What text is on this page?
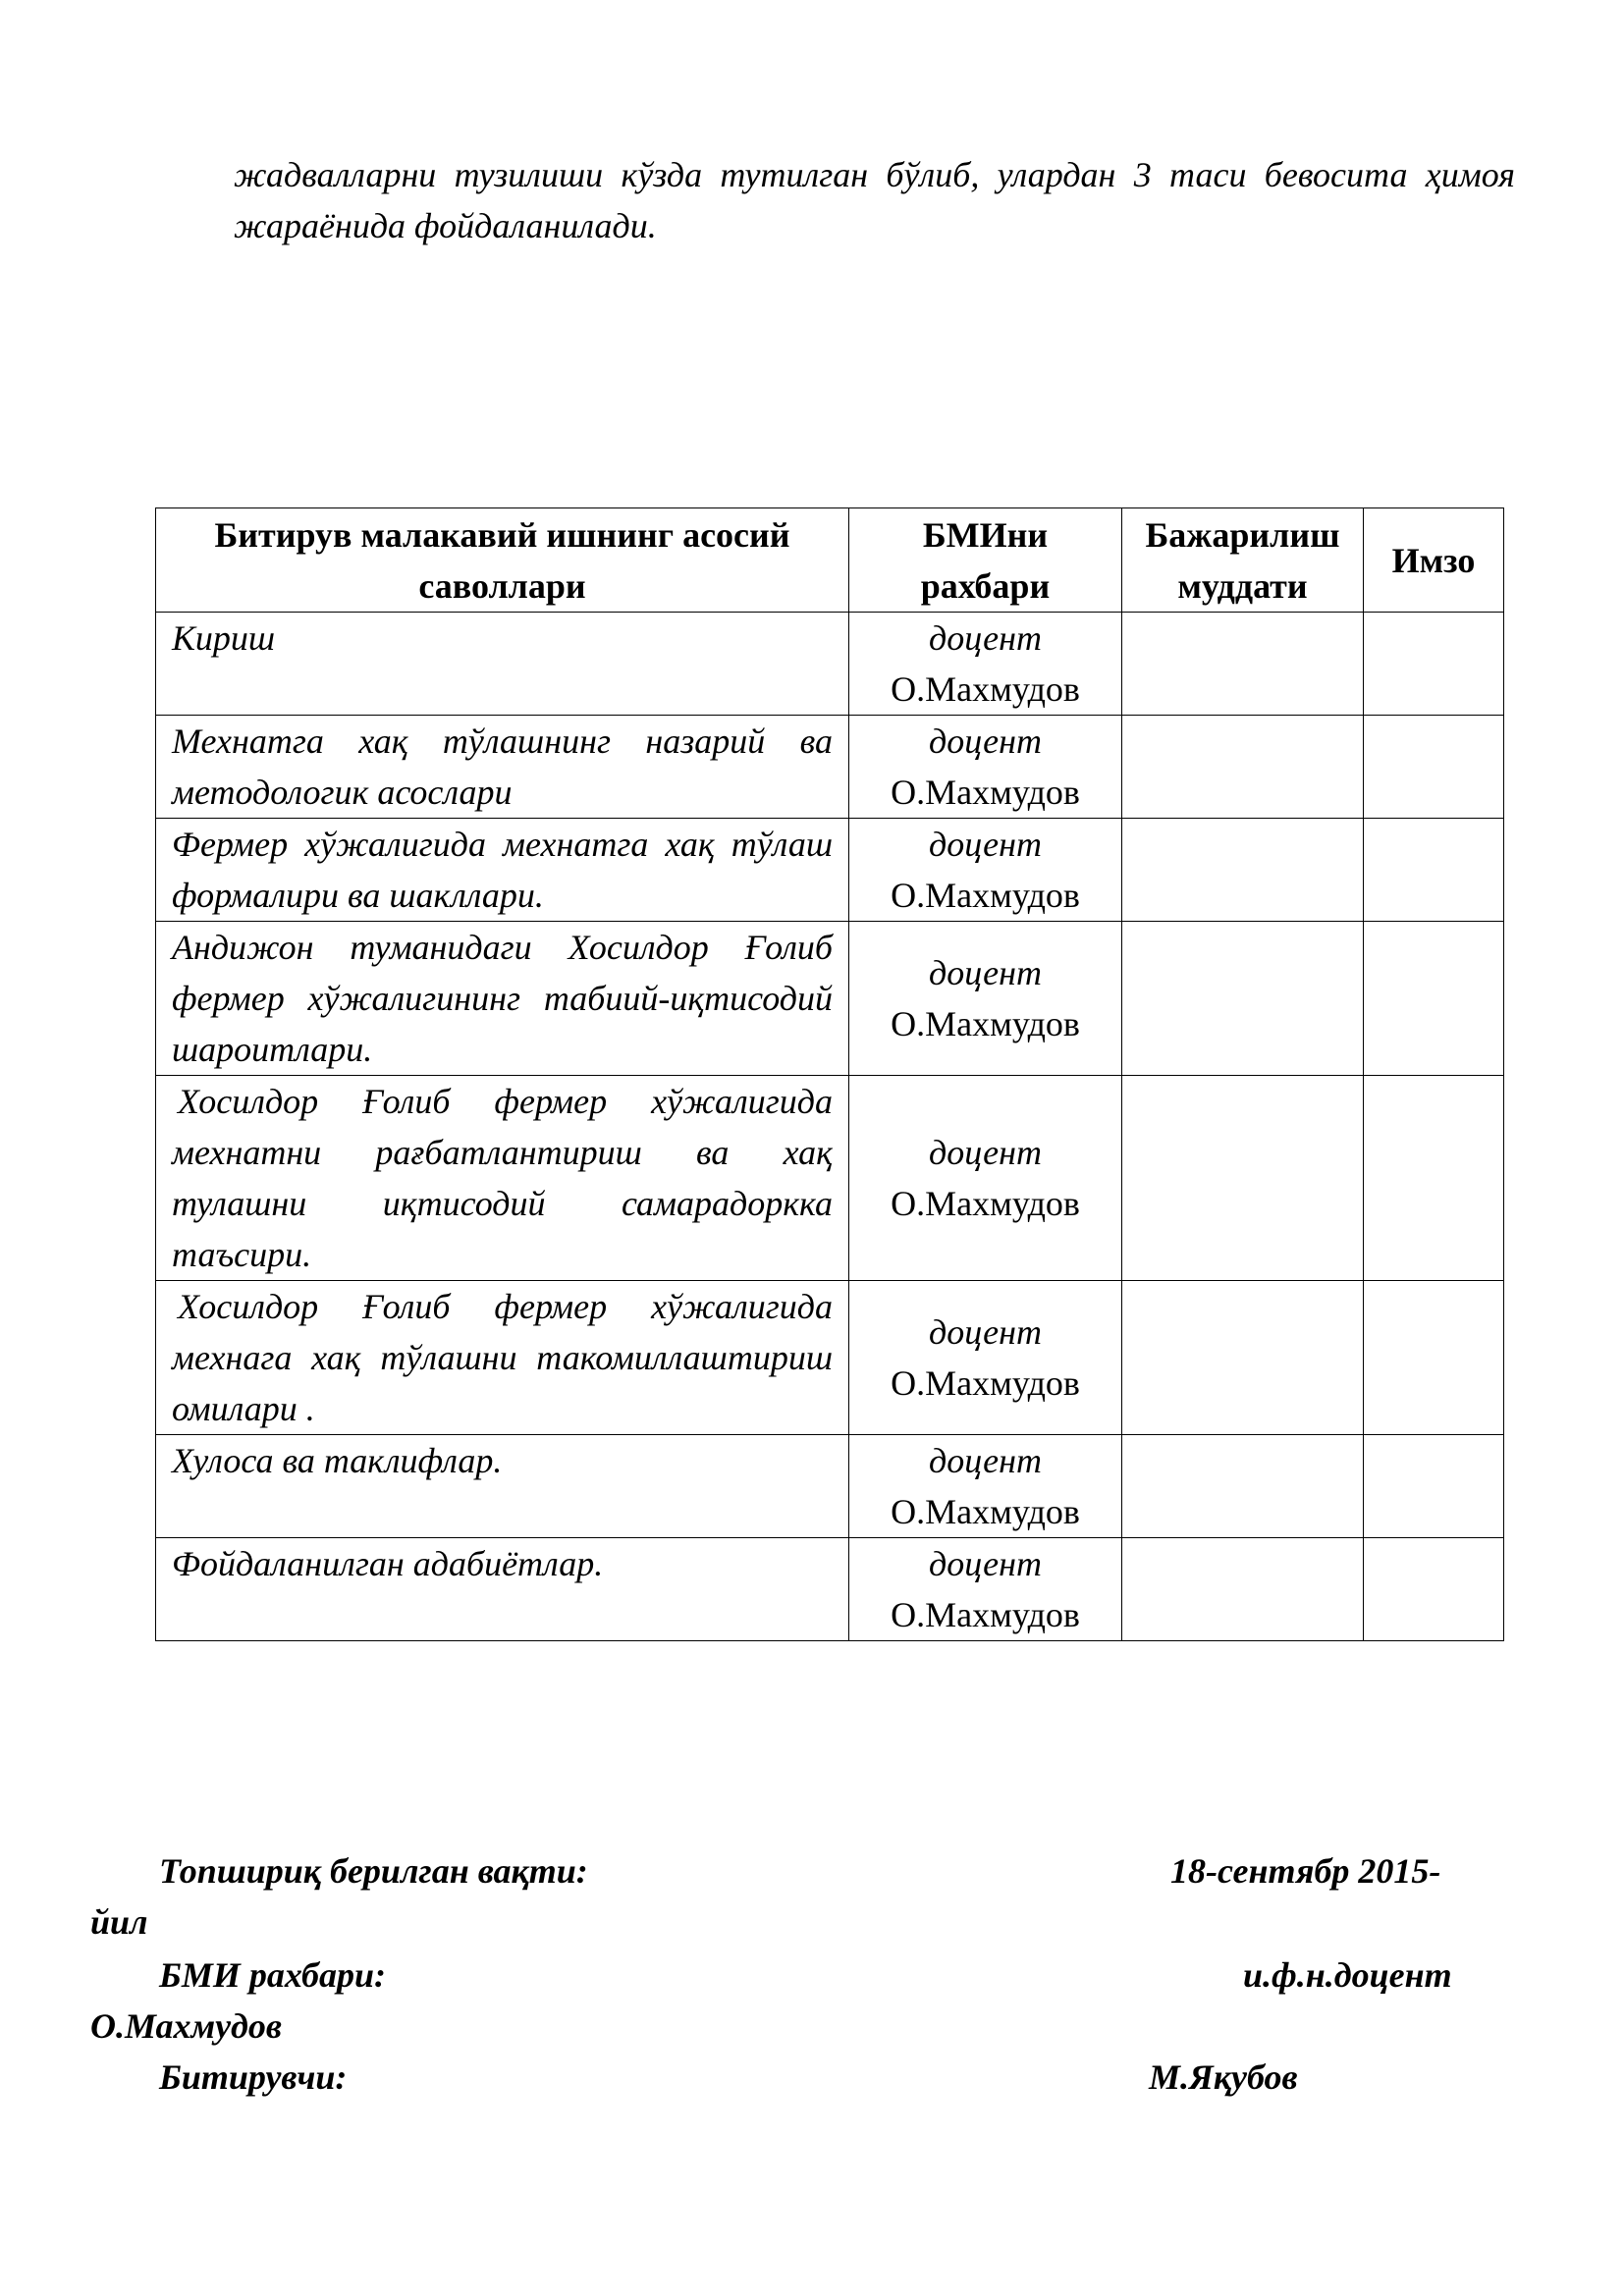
жадвалларни тузилиши кўзда тутилган бўлиб, улардан 3 таси бевосита ҳимоя жараёнида фойдаланилади.

Битирув малакавий ишнинг асосий саволлари	БМИни рахбари	Бажарилиш муддати	Имзо
Кириш	доцент
О.Махмудов		

Мехнатга хақ тўлашнинг назарий ва методологик асослари	доцент
О.Махмудов		

Фермер хўжалигида мехнатга хақ тўлаш формалири ва шакллари.	доцент
О.Махмудов		

Андижон туманидаги Хосилдор Ғолиб фермер хўжалигининг табиий-иқтисодий шароитлари.	доцент
О.Махмудов		

Хосилдор Ғолиб фермер хўжалигида мехнатни рағбатлантириш ва хақ тулашни иқтисодий самарадоркка таъсири.	доцент
О.Махмудов		

Хосилдор Ғолиб фермер хўжалигида мехнага хақ тўлашни такомиллаштириш омилари .	доцент
О.Махмудов		

Хулоса ва таклифлар.	доцент
О.Махмудов		

Фойдаланилган адабиётлар.	доцент
О.Махмудов		

Топшириқ берилган вақти:	18-сентябр 2015-
йил
БМИ рахбари:	и.ф.н.доцент
О.Махмудов
Битирувчи:	М.Яқубов
